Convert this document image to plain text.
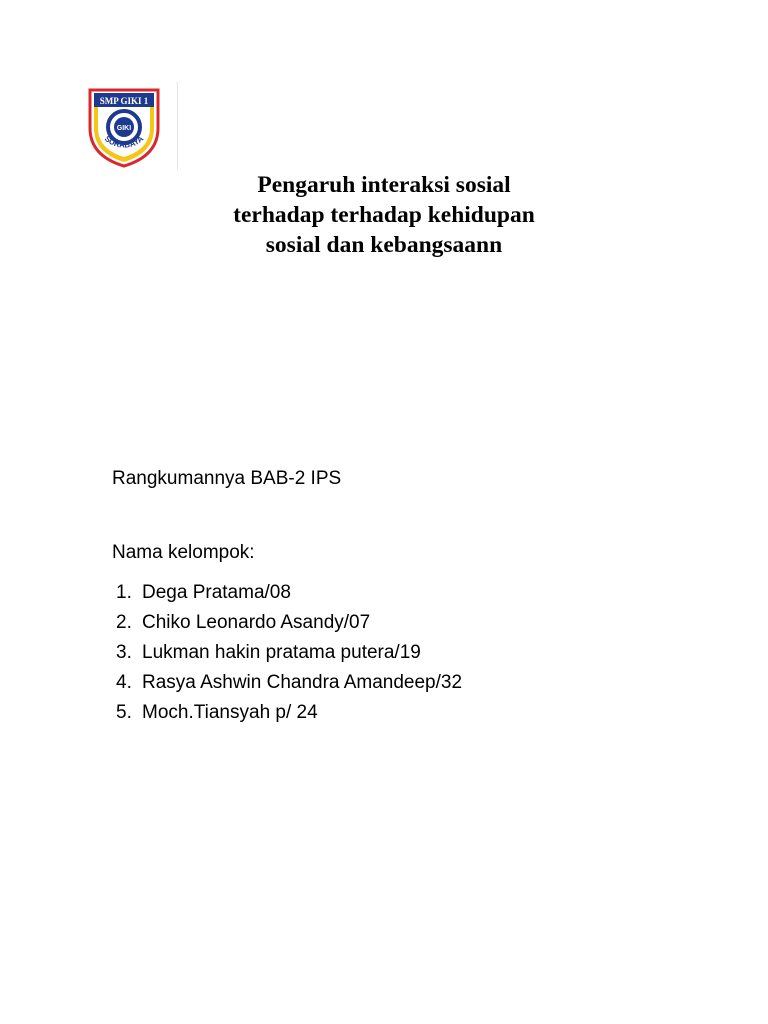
SMP GIKI 1
GIKI
SURABAYA
Pengaruh interaksi sosial
terhadap terhadap kehidupan
sosial dan kebangsaann
Rangkumannya BAB-2 IPS
Nama kelompok:
1. Dega Pratama/08
2. Chiko Leonardo Asandy/07
3. Lukman hakin pratama putera/19
4. Rasya Ashwin Chandra Amandeep/32
5. Moch.Tiansyah p/ 24
